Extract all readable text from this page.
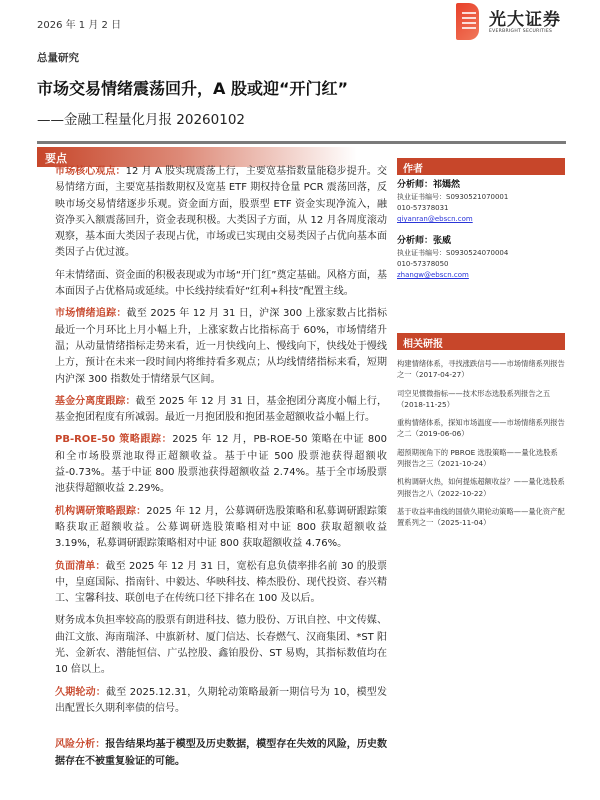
2026 年 1 月 2 日	光大证券
EVERBRIGHT SECURITIES
总量研究
市场交易情绪震荡回升，A 股或迎“开门红”
——金融工程量化月报 20260102
要点

市场核心观点：12 月 A 股实现震荡上行，主要宽基指数量能稳步提升。交易情绪方面，主要宽基指数期权及宽基 ETF 期权持仓量 PCR 震荡回落，反映市场交易情绪逐步乐观。资金面方面，股票型 ETF 资金实现净流入，融资净买入额震荡回升，资金表现积极。大类因子方面，从 12 月各周度滚动观察，基本面大类因子表现占优，市场或已实现由交易类因子占优向基本面类因子占优过渡。

年末情绪面、资金面的积极表现或为市场“开门红”奠定基础。风格方面，基本面因子占优格局或延续。中长线持续看好“红利+科技”配置主线。

市场情绪追踪：截至 2025 年 12 月 31 日，沪深 300 上涨家数占比指标最近一个月环比上月小幅上升，上涨家数占比指标高于 60%，市场情绪升温；从动量情绪指标走势来看，近一月快线向上、慢线向下，快线处于慢线上方，预计在未来一段时间内将维持看多观点；从均线情绪指标来看，短期内沪深 300 指数处于情绪景气区间。

基金分离度跟踪：截至 2025 年 12 月 31 日，基金抱团分离度小幅上行，基金抱团程度有所减弱。最近一月抱团股和抱团基金超额收益小幅上行。

PB-ROE-50 策略跟踪：2025 年 12 月，PB-ROE-50 策略在中证 800 和全市场股票池取得正超额收益。基于中证 500 股票池获得超额收益-0.73%。基于中证 800 股票池获得超额收益 2.74%。基于全市场股票池获得超额收益 2.29%。

机构调研策略跟踪：2025 年 12 月，公募调研选股策略和私募调研跟踪策略获取正超额收益。公募调研选股策略相对中证 800 获取超额收益 3.19%，私募调研跟踪策略相对中证 800 获取超额收益 4.76%。

负面清单：截至 2025 年 12 月 31 日，宽松有息负债率排名前 30 的股票中，皇庭国际、指南针、中毅达、华映科技、棒杰股份、现代投资、春兴精工、宝馨科技、联创电子在传统口径下排名在 100 及以后。

财务成本负担率较高的股票有朗进科技、德力股份、万讯自控、中文传媒、曲江文旅、海南瑞泽、中旗新材、厦门信达、长春燃气、汉商集团、*ST 阳光、金新农、潜能恒信、广弘控股、鑫铂股份、ST 易购，其指标数值均在 10 倍以上。

久期轮动：截至 2025.12.31，久期轮动策略最新一期信号为 10，模型发出配置长久期利率债的信号。

风险分析：报告结果均基于模型及历史数据，模型存在失效的风险，历史数据存在不被重复验证的可能。

作者
分析师：祁嫣然
执业证书编号：S0930521070001
010-57378031
qiyanran@ebscn.com
分析师：张威
执业证书编号：S0930524070004
010-57378050
zhangw@ebscn.com
相关研报
构建情绪体系，寻找涨跌信号——市场情绪系列报告之一（2017-04-27）
司空见惯微指标——技术形态选股系列报告之五（2018-11-25）
重构情绪体系，探知市场温度——市场情绪系列报告之二（2019-06-06）
超预期视角下的 PBROE 选股策略——量化选股系列报告之三（2021-10-24）
机构调研火热，如何提炼超额收益？——量化选股系列报告之八（2022-10-22）
基于收益率曲线的国债久期轮动策略——量化资产配置系列之一（2025-11-04）
